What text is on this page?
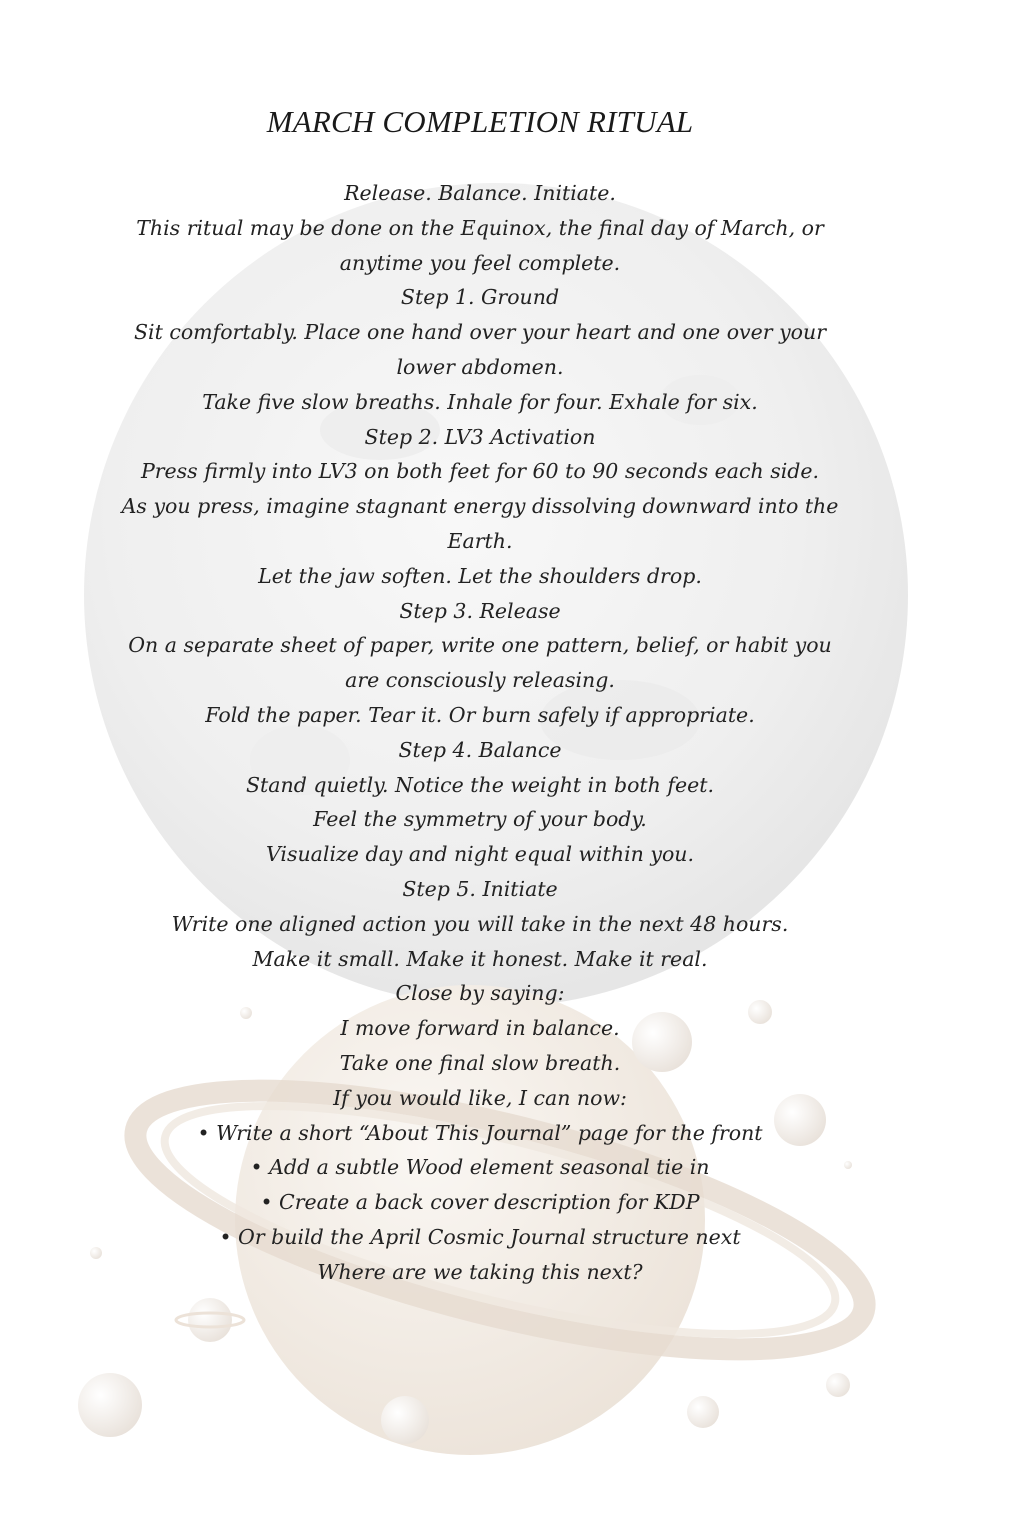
MARCH COMPLETION RITUAL
Release. Balance. Initiate.
This ritual may be done on the Equinox, the final day of March, or
anytime you feel complete.
Step 1. Ground
Sit comfortably. Place one hand over your heart and one over your
lower abdomen.
Take five slow breaths. Inhale for four. Exhale for six.
Step 2. LV3 Activation
Press firmly into LV3 on both feet for 60 to 90 seconds each side.
As you press, imagine stagnant energy dissolving downward into the
Earth.
Let the jaw soften. Let the shoulders drop.
Step 3. Release
On a separate sheet of paper, write one pattern, belief, or habit you
are consciously releasing.
Fold the paper. Tear it. Or burn safely if appropriate.
Step 4. Balance
Stand quietly. Notice the weight in both feet.
Feel the symmetry of your body.
Visualize day and night equal within you.
Step 5. Initiate
Write one aligned action you will take in the next 48 hours.
Make it small. Make it honest. Make it real.
Close by saying:
I move forward in balance.
Take one final slow breath.
If you would like, I can now:
• Write a short “About This Journal” page for the front
• Add a subtle Wood element seasonal tie in
• Create a back cover description for KDP
• Or build the April Cosmic Journal structure next
Where are we taking this next?
